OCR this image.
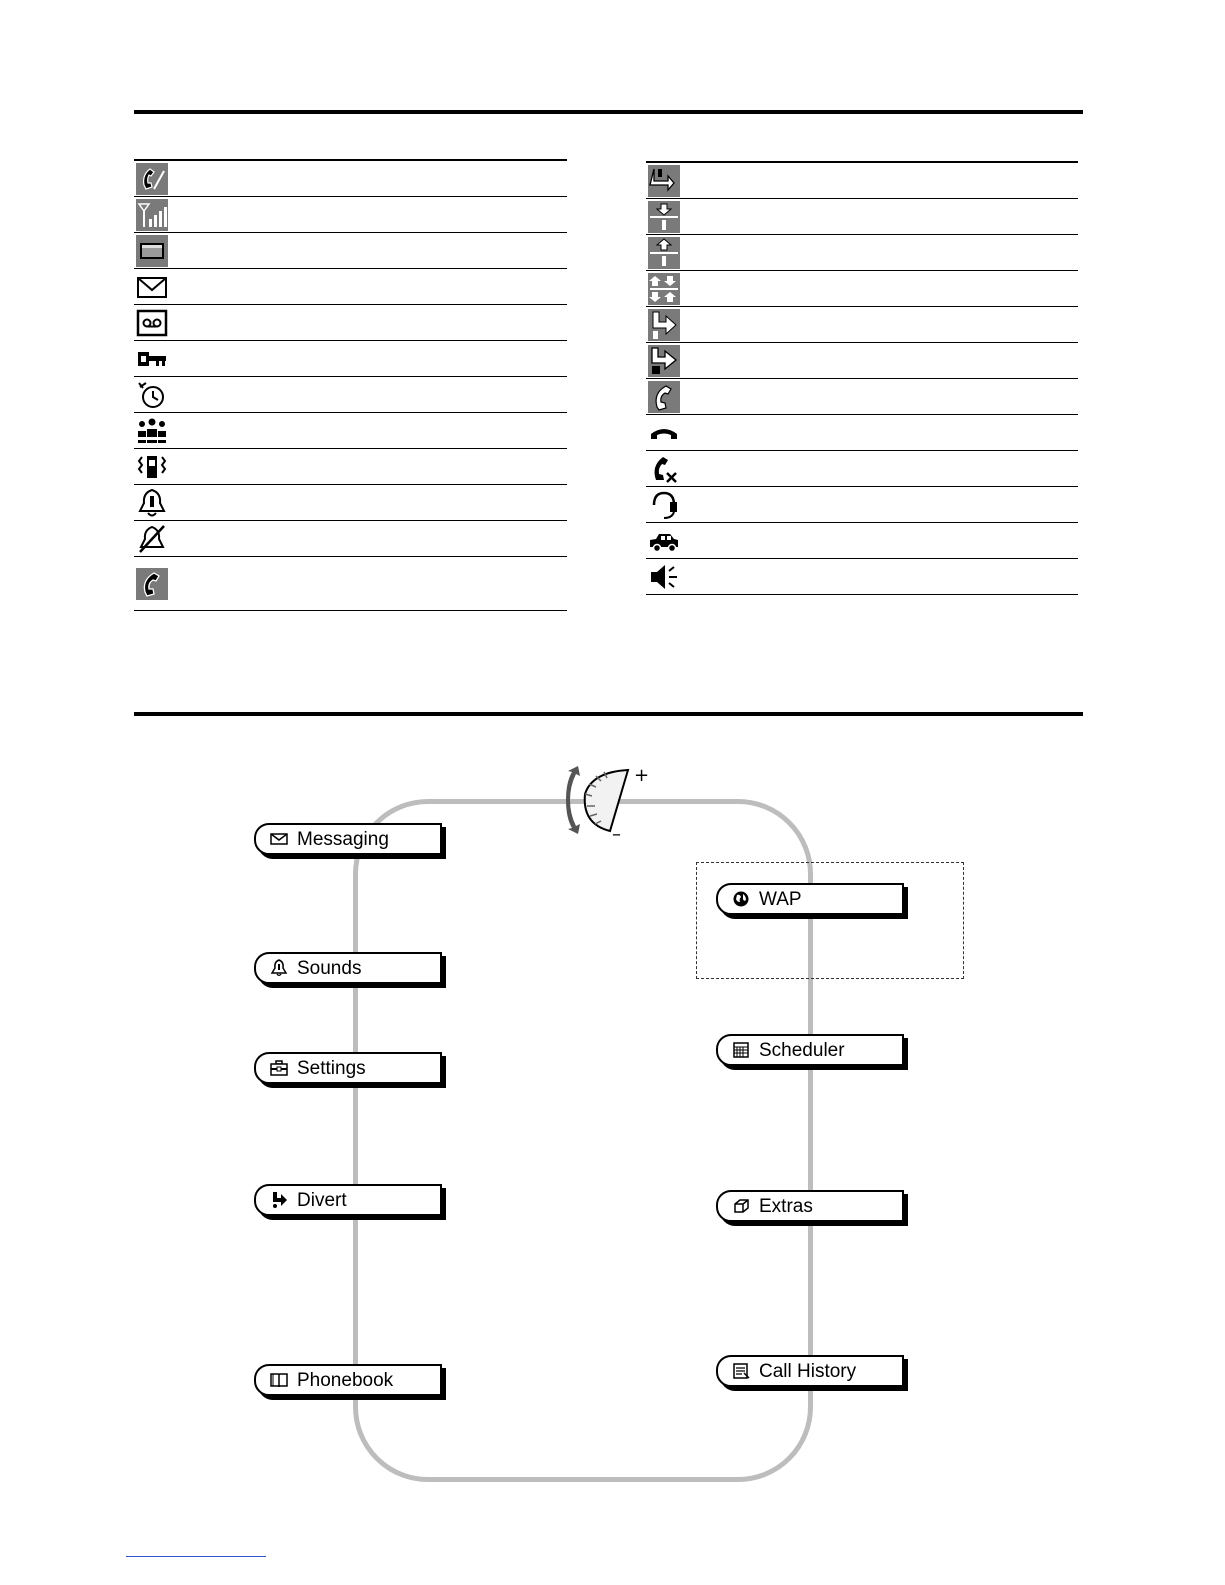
+
–
Messaging
Sounds
Settings
Divert
Phonebook
WAP
Scheduler
Extras
Call History
